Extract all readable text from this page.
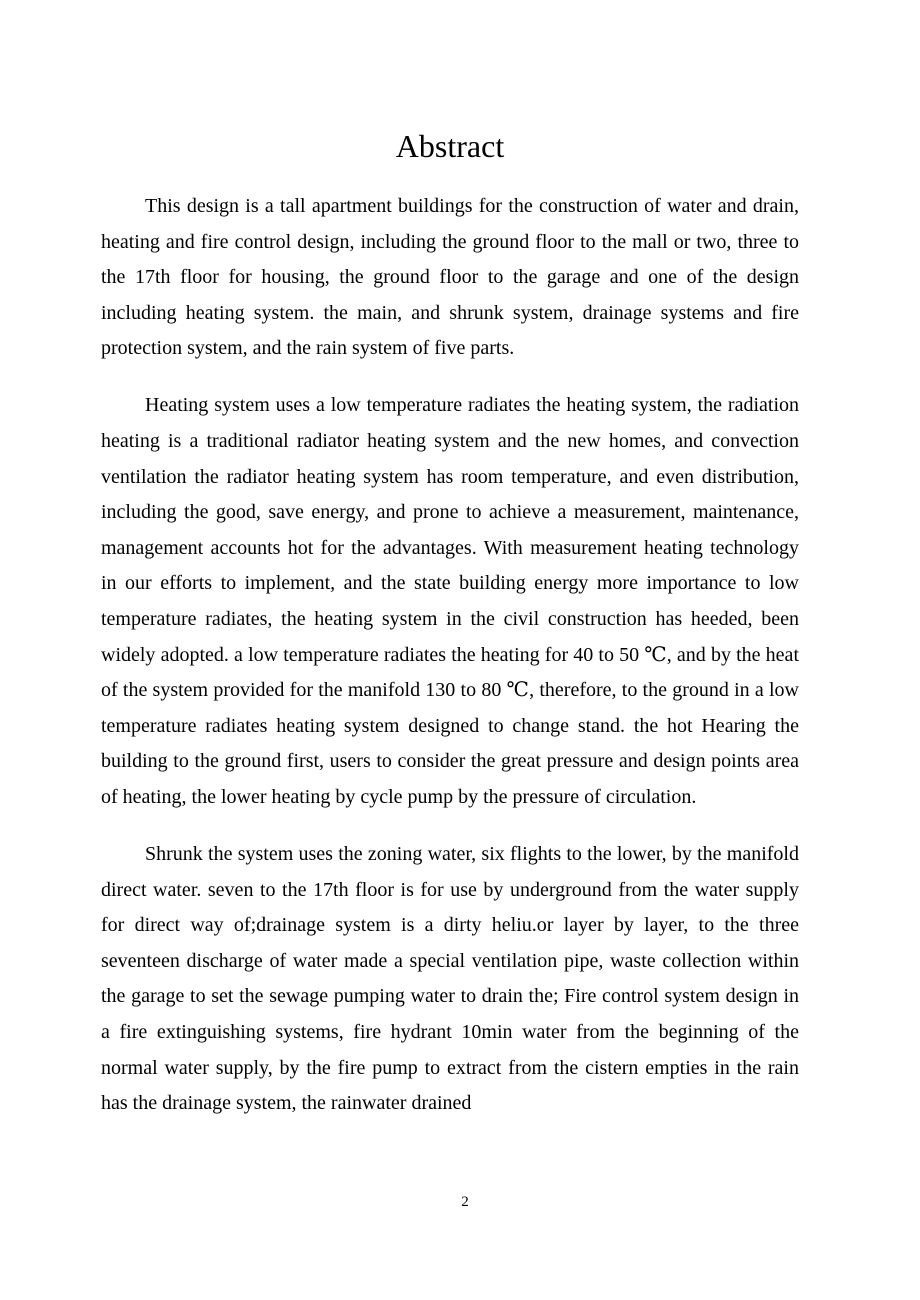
Abstract

This design is a tall apartment buildings for the construction of water and drain, heating and fire control design, including the ground floor to the mall or two, three to the 17th floor for housing, the ground floor to the garage and one of the design including heating system. the main, and shrunk system, drainage systems and fire protection system, and the rain system of five parts.

Heating system uses a low temperature radiates the heating system, the radiation heating is a traditional radiator heating system and the new homes, and convection ventilation the radiator heating system has room temperature, and even distribution, including the good, save energy, and prone to achieve a measurement, maintenance, management accounts hot for the advantages. With measurement heating technology in our efforts to implement, and the state building energy more importance to low temperature radiates, the heating system in the civil construction has heeded, been widely adopted. a low temperature radiates the heating for 40 to 50 ℃, and by the heat of the system provided for the manifold 130 to 80 ℃, therefore, to the ground in a low temperature radiates heating system designed to change stand. the hot Hearing the building to the ground first, users to consider the great pressure and design points area of heating, the lower heating by cycle pump by the pressure of circulation.

Shrunk the system uses the zoning water, six flights to the lower, by the manifold direct water. seven to the 17th floor is for use by underground from the water supply for direct way of;drainage system is a dirty heliu.or layer by layer, to the three seventeen discharge of water made a special ventilation pipe, waste collection within the garage to set the sewage pumping water to drain the; Fire control system design in a fire extinguishing systems, fire hydrant 10min water from the beginning of the normal water supply, by the fire pump to extract from the cistern empties in the rain has the drainage system, the rainwater drained

2
